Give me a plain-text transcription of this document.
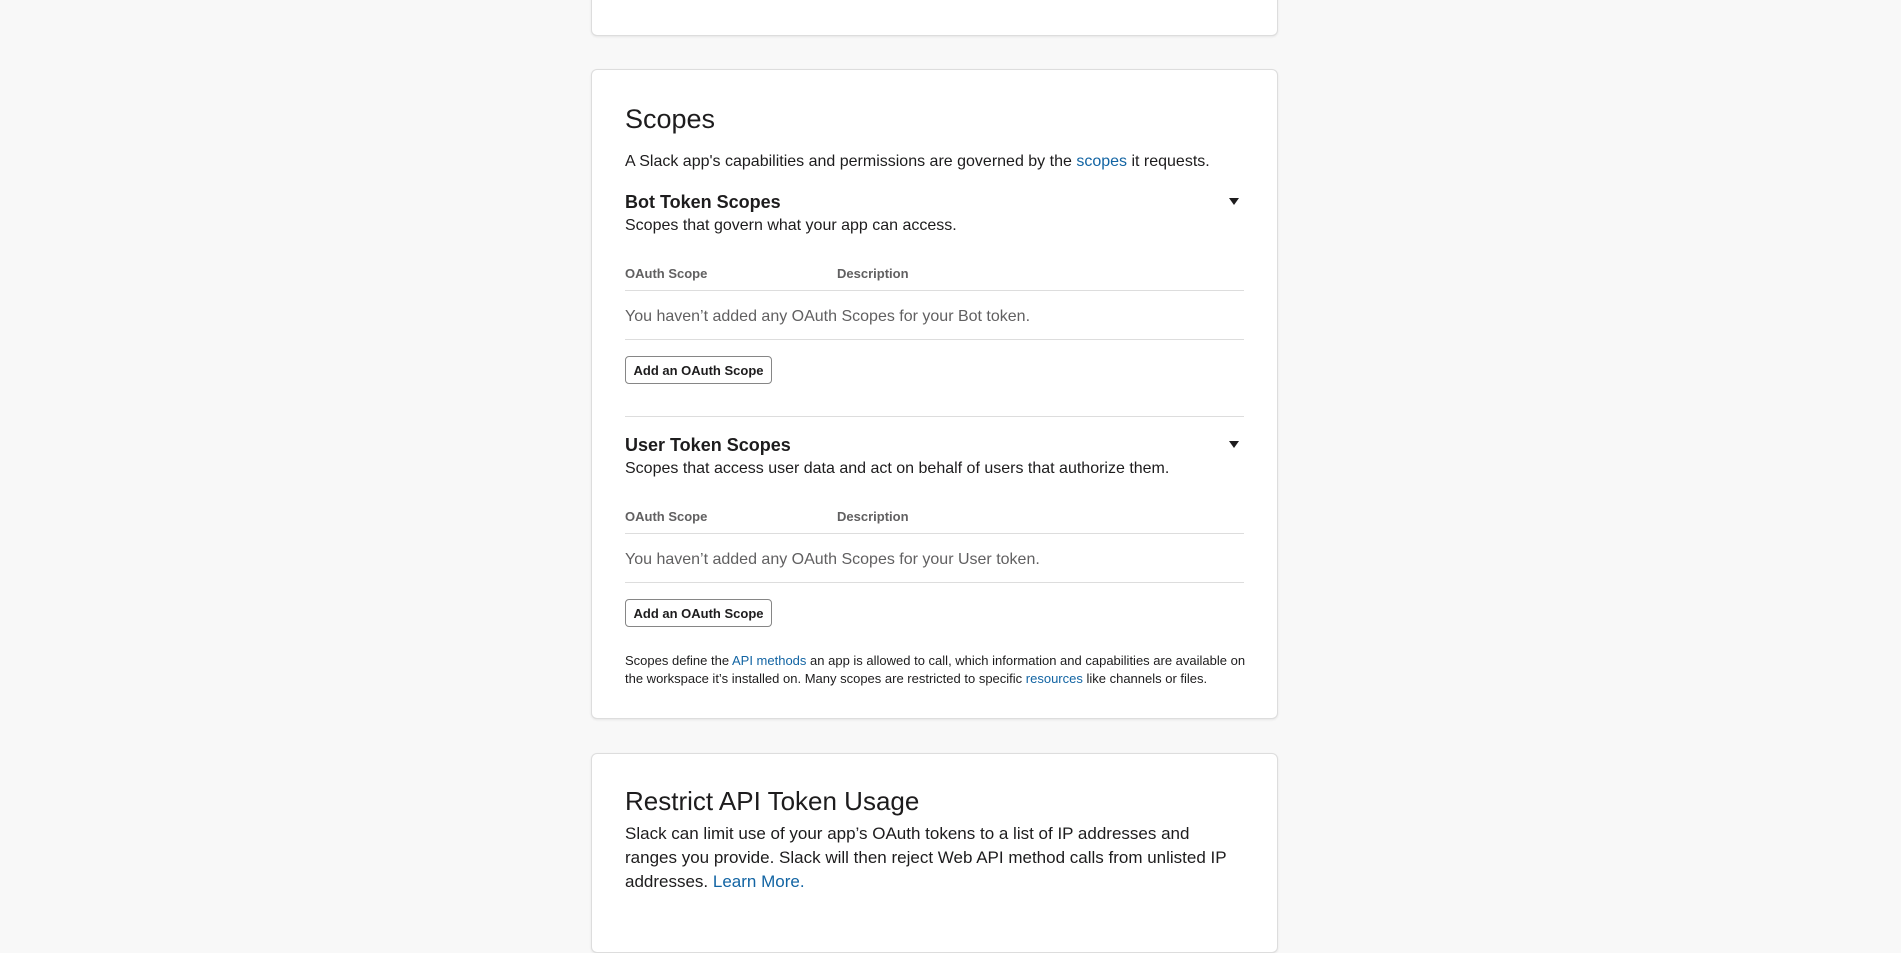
Scopes
A Slack app's capabilities and permissions are governed by the scopes it requests.
Bot Token Scopes
Scopes that govern what your app can access.
OAuth Scope	Description
You haven’t added any OAuth Scopes for your Bot token.
Add an OAuth Scope
User Token Scopes
Scopes that access user data and act on behalf of users that authorize them.
OAuth Scope	Description
You haven’t added any OAuth Scopes for your User token.
Add an OAuth Scope
Scopes define the API methods an app is allowed to call, which information and capabilities are available on the workspace it’s installed on. Many scopes are restricted to specific resources like channels or files.
Restrict API Token Usage
Slack can limit use of your app’s OAuth tokens to a list of IP addresses and ranges you provide. Slack will then reject Web API method calls from unlisted IP addresses. Learn More.
